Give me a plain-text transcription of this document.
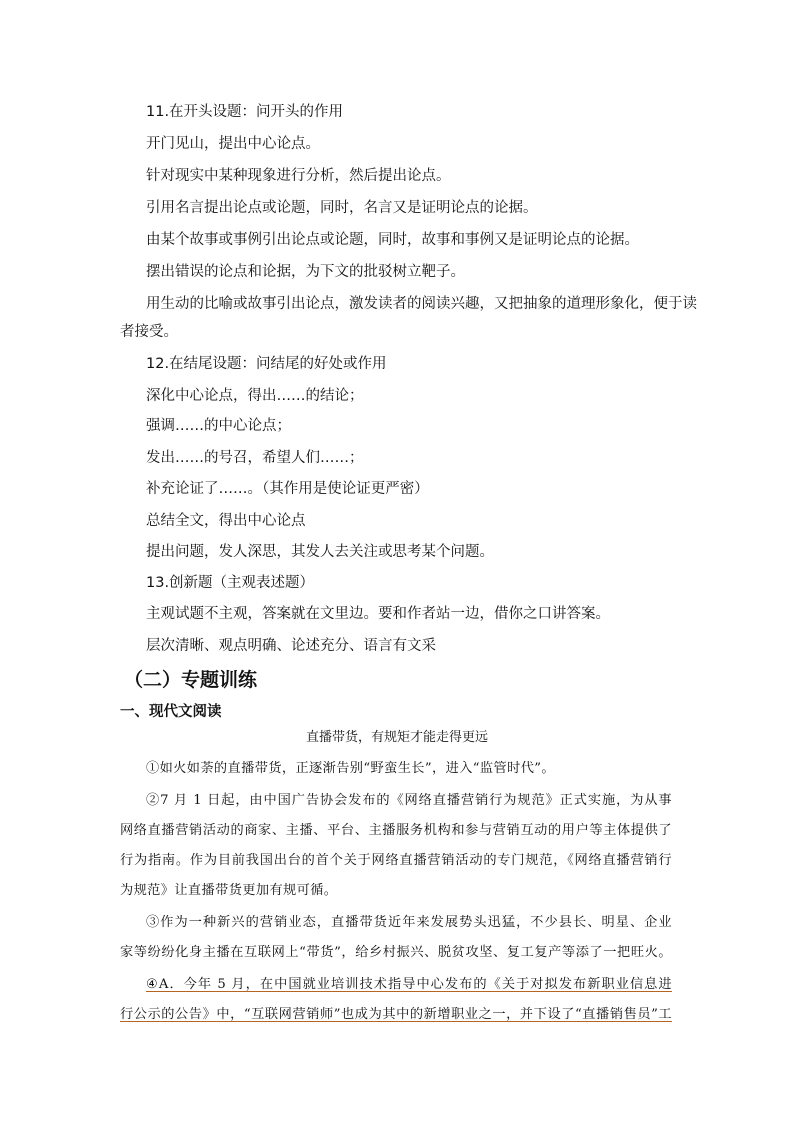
11.在开头设题：问开头的作用
开门见山，提出中心论点。
针对现实中某种现象进行分析，然后提出论点。
引用名言提出论点或论题，同时，名言又是证明论点的论据。
由某个故事或事例引出论点或论题，同时，故事和事例又是证明论点的论据。
摆出错误的论点和论据，为下文的批驳树立靶子。
用生动的比喻或故事引出论点，激发读者的阅读兴趣，又把抽象的道理形象化，便于读
者接受。
12.在结尾设题：问结尾的好处或作用
深化中心论点，得出……的结论；
强调……的中心论点；
发出……的号召，希望人们……；
补充论证了……。（其作用是使论证更严密）
总结全文，得出中心论点
提出问题，发人深思，其发人去关注或思考某个问题。
13.创新题（主观表述题）
主观试题不主观，答案就在文里边。要和作者站一边，借你之口讲答案。
层次清晰、观点明确、论述充分、语言有文采
（二）专题训练
一、现代文阅读
直播带货，有规矩才能走得更远
①如火如荼的直播带货，正逐渐告别“野蛮生长”，进入“监管时代”。
②7 月 1 日起，由中国广告协会发布的《网络直播营销行为规范》正式实施，为从事
网络直播营销活动的商家、主播、平台、主播服务机构和参与营销互动的用户等主体提供了
行为指南。作为目前我国出台的首个关于网络直播营销活动的专门规范，《网络直播营销行
为规范》让直播带货更加有规可循。
③作为一种新兴的营销业态，直播带货近年来发展势头迅猛，不少县长、明星、企业
家等纷纷化身主播在互联网上“带货”，给乡村振兴、脱贫攻坚、复工复产等添了一把旺火。
④A．今年 5 月，在中国就业培训技术指导中心发布的《关于对拟发布新职业信息进
行公示的公告》中，“互联网营销师”也成为其中的新增职业之一，并下设了“直播销售员”工
